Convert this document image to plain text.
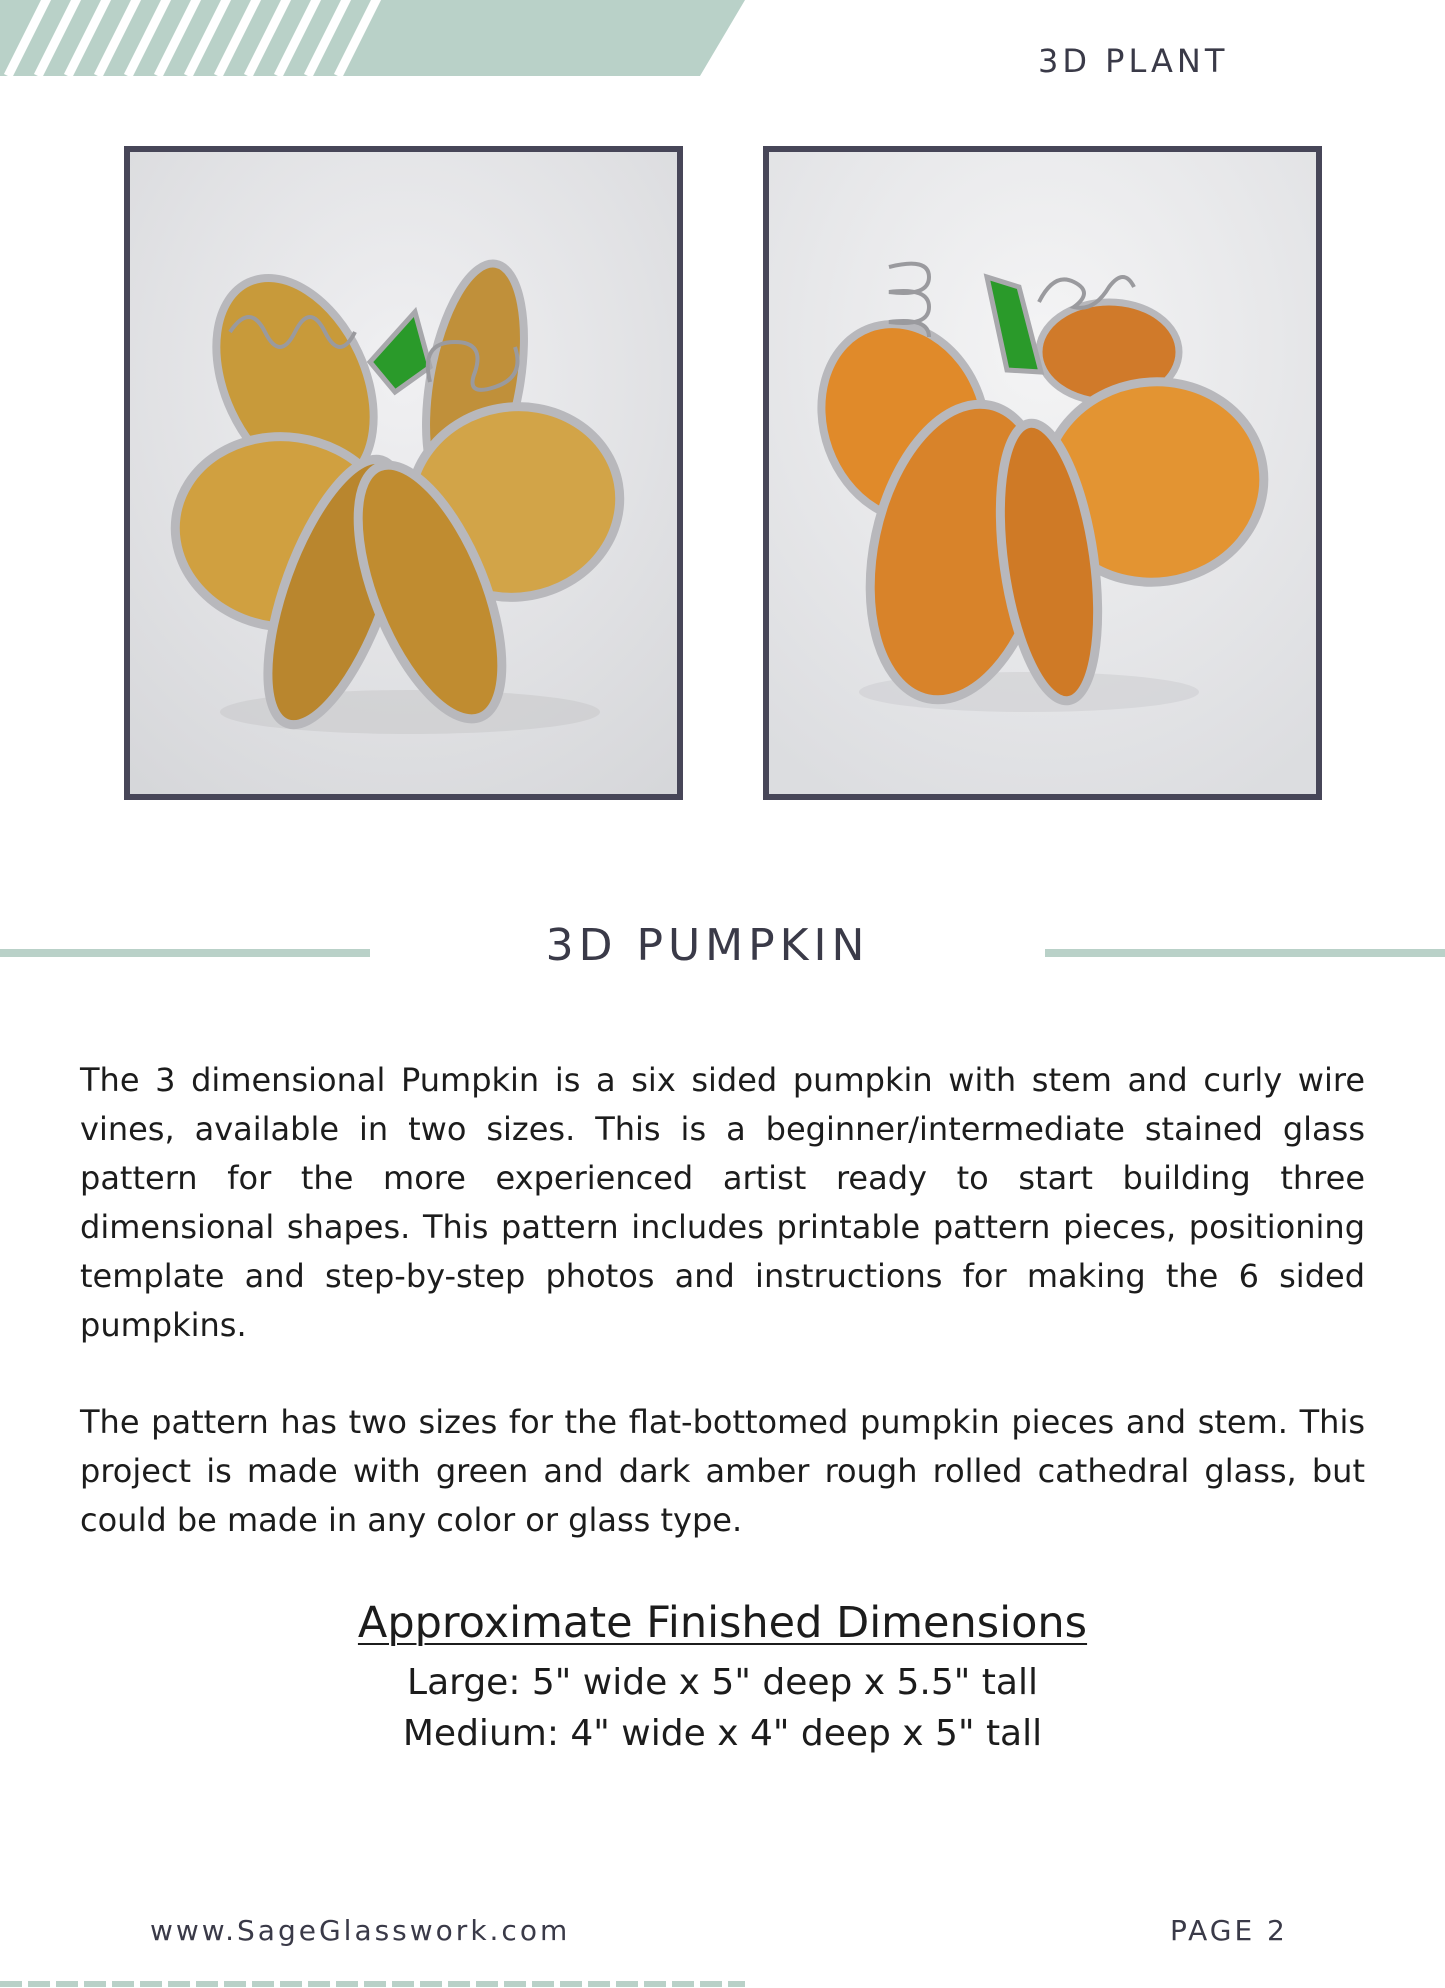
3D PLANT
3D PUMPKIN

The 3 dimensional Pumpkin is a six sided pumpkin with stem and curly wire vines, available in two sizes. This is a beginner/intermediate stained glass pattern for the more experienced artist ready to start building three dimensional shapes. This pattern includes printable pattern pieces, positioning template and step-by-step photos and instructions for making the 6 sided pumpkins.

The pattern has two sizes for the flat-bottomed pumpkin pieces and stem. This project is made with green and dark amber rough rolled cathedral glass, but could be made in any color or glass type.

Approximate Finished Dimensions
Large: 5" wide x 5" deep x 5.5" tall
Medium: 4" wide x 4" deep x 5" tall
www.SageGlasswork.com	PAGE 2
